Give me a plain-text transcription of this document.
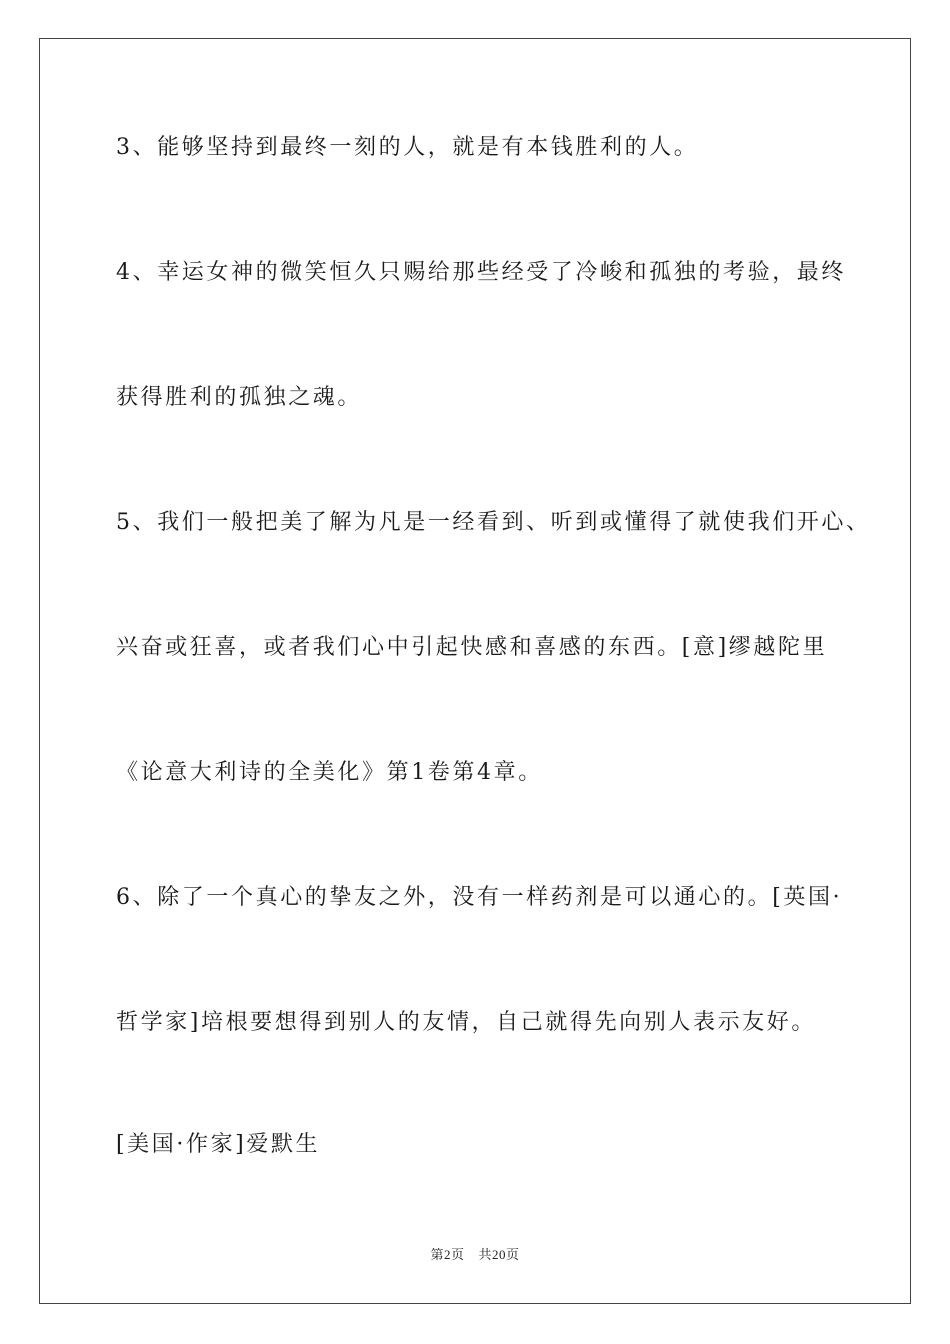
3、能够坚持到最终一刻的人，就是有本钱胜利的人。
4、幸运女神的微笑恒久只赐给那些经受了冷峻和孤独的考验，最终
获得胜利的孤独之魂。
5、我们一般把美了解为凡是一经看到、听到或懂得了就使我们开心、
兴奋或狂喜，或者我们心中引起快感和喜感的东西。[意]缪越陀里
《论意大利诗的全美化》第1卷第4章。
6、除了一个真心的挚友之外，没有一样药剂是可以通心的。[英国·
哲学家]培根要想得到别人的友情，自己就得先向别人表示友好。
[美国·作家]爱默生
第2页 共20页
